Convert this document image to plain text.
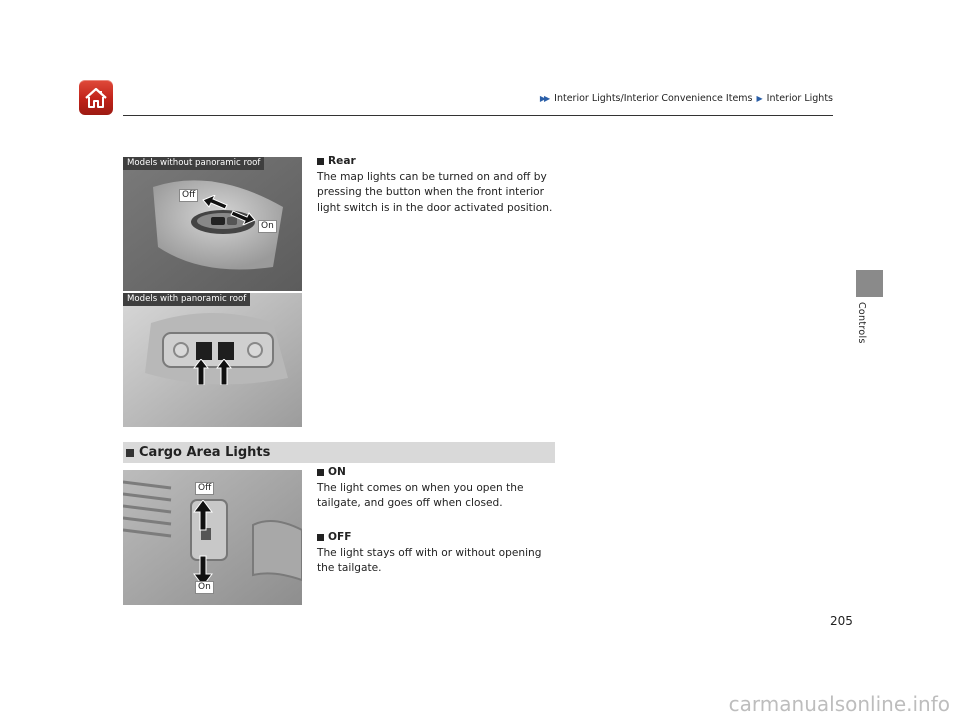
▶▶ Interior Lights/Interior Convenience Items ▶ Interior Lights
Controls
Models without panoramic roof
Off
On
Models with panoramic roof
Rear

The map lights can be turned on and off by pressing the button when the front interior light switch is in the door activated position.

Cargo Area Lights
Off
On
ON

The light comes on when you open the tailgate, and goes off when closed.

OFF

The light stays off with or without opening the tailgate.

205
carmanualsonline.info
